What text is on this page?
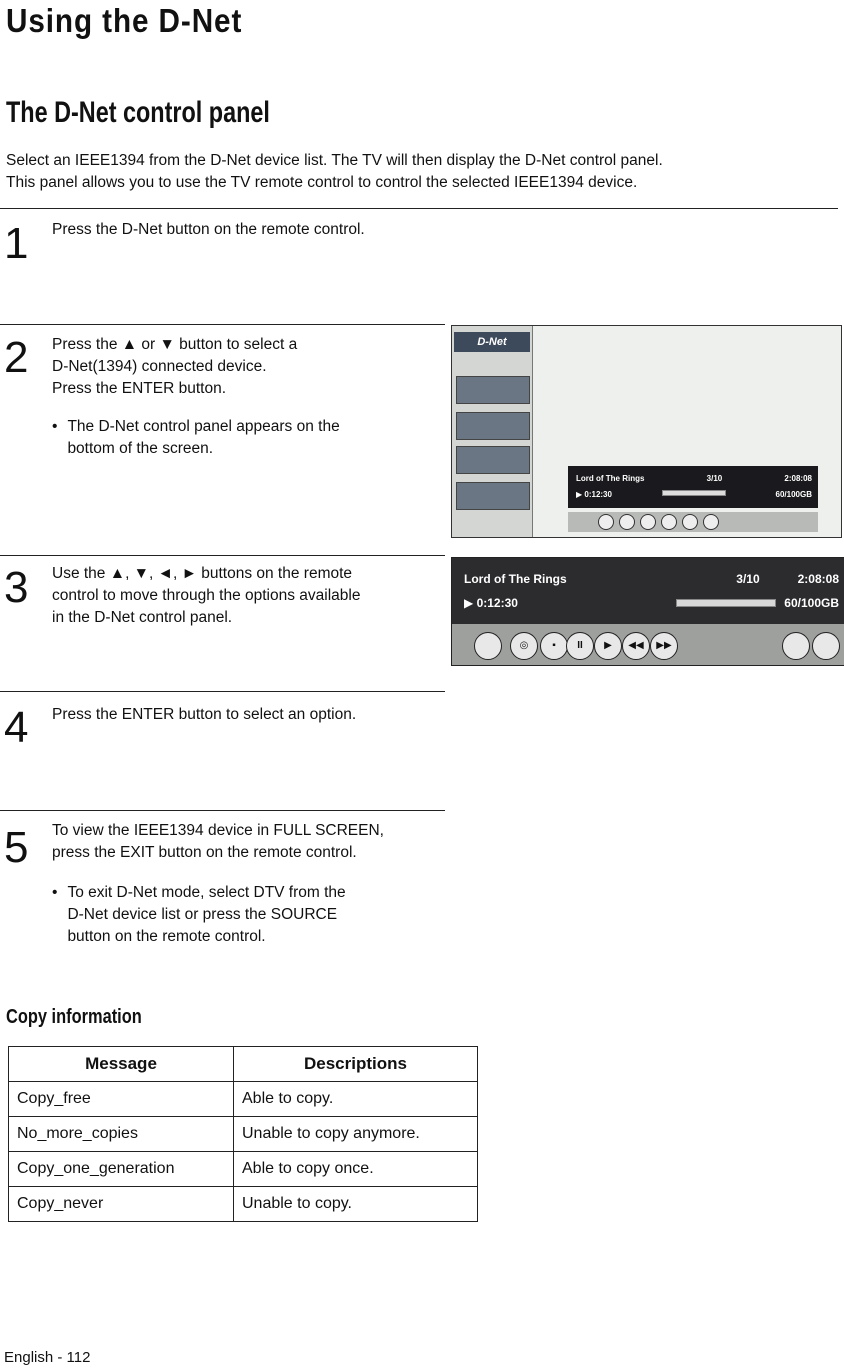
Using the D-Net
The D-Net control panel
Select an IEEE1394 from the D-Net device list. The TV will then display the D-Net control panel.
This panel allows you to use the TV remote control to control the selected IEEE1394 device.
1 Press the D-Net button on the remote control.
2 Press the ▲ or ▼ button to select a
D-Net(1394) connected device.
Press the ENTER button.
• The D-Net control panel appears on the
bottom of the screen.
D-Net
Lord of The Rings	3/10	2:08:08
▶ 0:12:30	60/100GB
3 Use the ▲, ▼, ◄, ► buttons on the remote
control to move through the options available
in the D-Net control panel.
Lord of The Rings	3/10	2:08:08
▶ 0:12:30	60/100GB
◎	▪	II	▶	◀◀	▶▶
4 Press the ENTER button to select an option.
5 To view the IEEE1394 device in FULL SCREEN,
press the EXIT button on the remote control.
• To exit D-Net mode, select DTV from the
D-Net device list or press the SOURCE
button on the remote control.
Copy information
Message	Descriptions
Copy_free	Able to copy.
No_more_copies	Unable to copy anymore.
Copy_one_generation	Able to copy once.
Copy_never	Unable to copy.
English - 112
